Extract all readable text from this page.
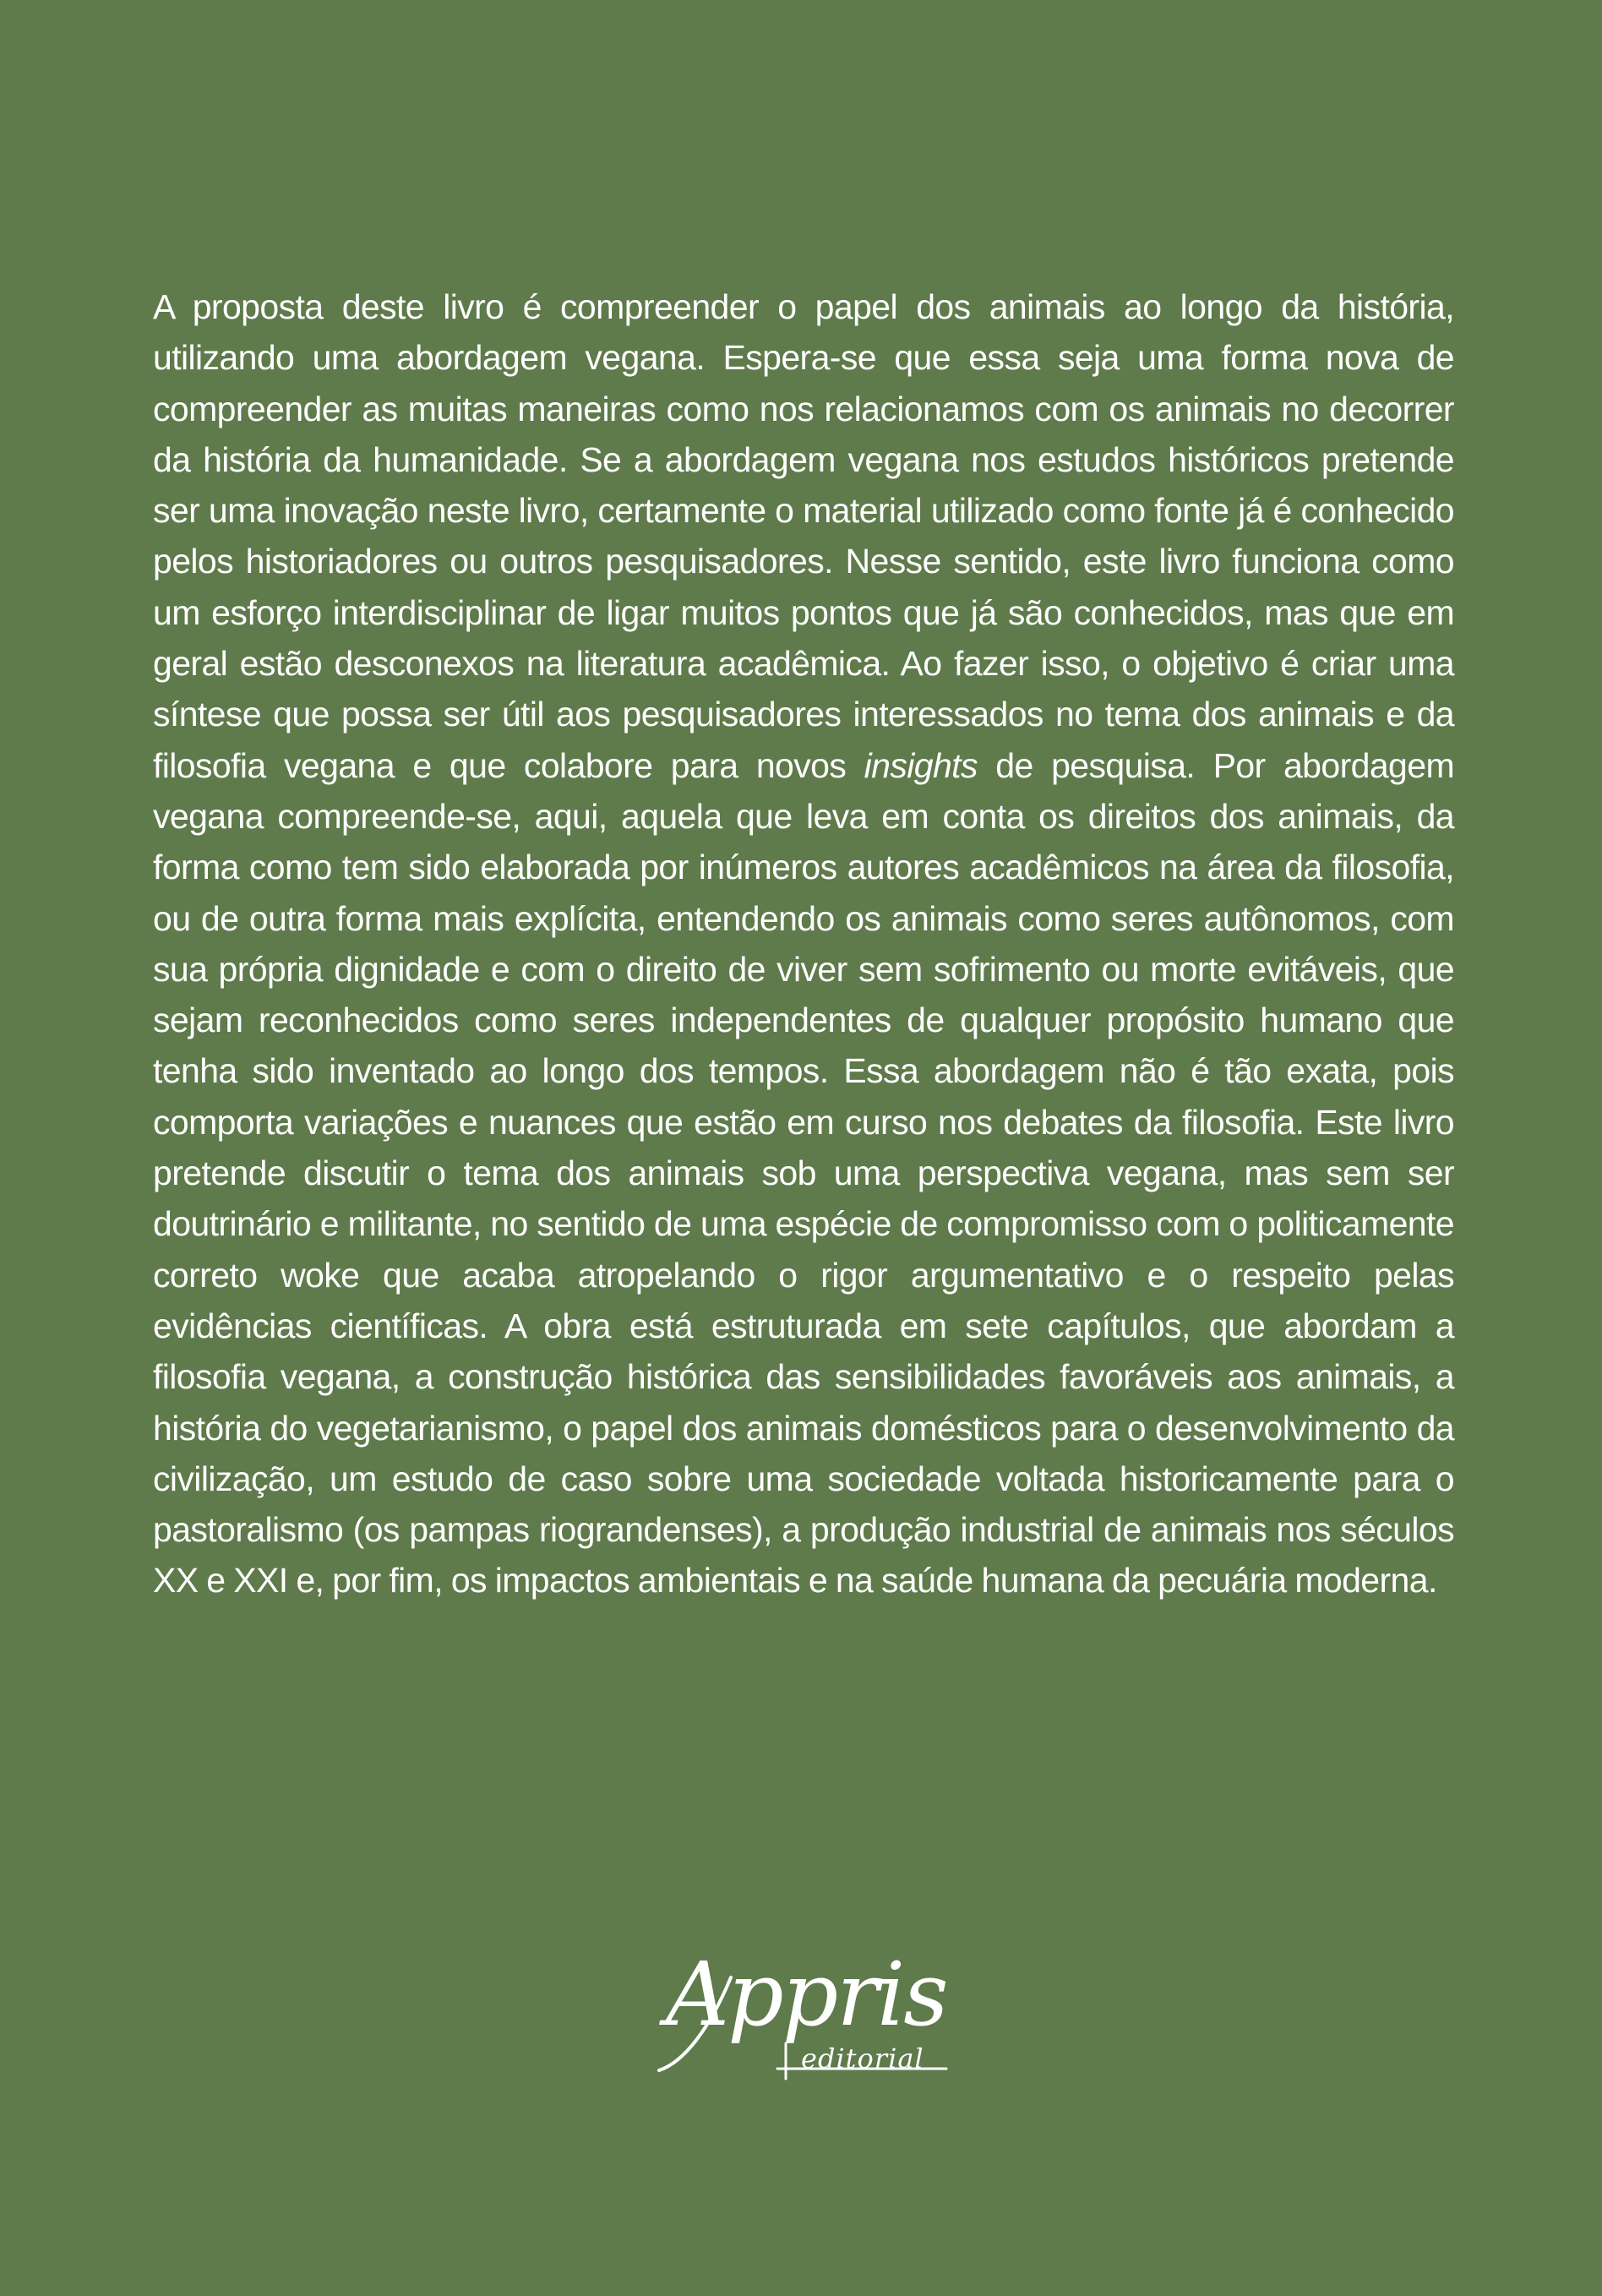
A proposta deste livro é compreender o papel dos animais ao longo da história, utilizando uma abordagem vegana. Espera-se que essa seja uma forma nova de compreender as muitas maneiras como nos relacionamos com os animais no decorrer da história da humanidade. Se a abordagem vegana nos estudos históricos pretende ser uma inovação neste livro, certamente o material utilizado como fonte já é conhecido pelos historiadores ou outros pesquisadores. Nesse sentido, este livro funciona como um esforço interdisciplinar de ligar muitos pontos que já são conhecidos, mas que em geral estão desconexos na literatura acadêmica. Ao fazer isso, o objetivo é criar uma síntese que possa ser útil aos pesquisadores interessados no tema dos animais e da filosofia vegana e que colabore para novos insights de pesquisa. Por abordagem vegana compreende-se, aqui, aquela que leva em conta os direitos dos animais, da forma como tem sido elaborada por inúmeros autores acadêmicos na área da filosofia, ou de outra forma mais explícita, entendendo os animais como seres autônomos, com sua própria dignidade e com o direito de viver sem sofrimento ou morte evitáveis, que sejam reconhecidos como seres independentes de qualquer propósito humano que tenha sido inventado ao longo dos tempos. Essa abordagem não é tão exata, pois comporta variações e nuances que estão em curso nos debates da filosofia. Este livro pretende discutir o tema dos animais sob uma perspectiva vegana, mas sem ser doutrinário e militante, no sentido de uma espécie de compromisso com o politicamente correto woke que acaba atropelando o rigor argumentativo e o respeito pelas evidências científicas. A obra está estruturada em sete capítulos, que abordam a filosofia vegana, a construção histórica das sensibilidades favoráveis aos animais, a história do vegetarianismo, o papel dos animais domésticos para o desenvolvimento da civilização, um estudo de caso sobre uma sociedade voltada historicamente para o pastoralismo (os pampas riograndenses), a produção industrial de animais nos séculos XX e XXI e, por fim, os impactos ambientais e na saúde humana da pecuária moderna.

Appris
editorial
